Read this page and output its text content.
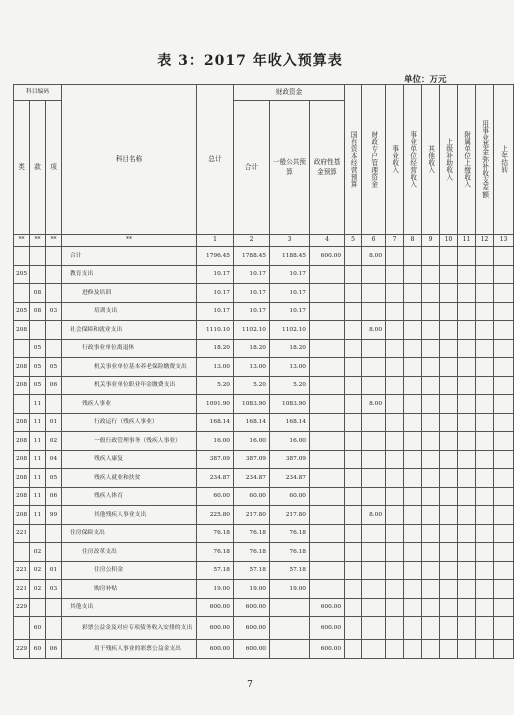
表 3：2017 年收入预算表
单位：万元
科目编码			科目名称	总计	财政资金			国有资本经营预算	财政专户管理资金	事业收入	事业单位经营收入	其他收入	上级补助收入	附属单位上缴收入	用事业基金弥补收支差额	上年结转

类	款	项			合计	一般公共预算	政府性基金预算									
**	**	**	**	1	2	3	4	5	6	7	8	9	10	11	12	13
			合计	1796.45	1788.45	1188.45	600.00		8.00							
205			教育支出	10.17	10.17	10.17										
	08		进修及培训	10.17	10.17	10.17										
205	08	03	培训支出	10.17	10.17	10.17										
208			社会保障和就业支出	1110.10	1102.10	1102.10			8.00							
	05		行政事业单位离退休	18.20	18.20	18.20										
208	05	05	机关事业单位基本养老保险缴费支出	13.00	13.00	13.00										
208	05	06	机关事业单位职业年金缴费支出	5.20	5.20	5.20										
	11		残疾人事业	1091.90	1083.90	1083.90			8.00							
208	11	01	行政运行（残疾人事业）	168.14	168.14	168.14										
208	11	02	一般行政管理事务（残疾人事业）	16.00	16.00	16.00										
208	11	04	残疾人康复	387.09	387.09	387.09										
208	11	05	残疾人就业和扶贫	234.87	234.87	234.87										
208	11	06	残疾人体育	60.00	60.00	60.00										
208	11	99	其他残疾人事业支出	225.80	217.80	217.80			8.00							
221			住房保障支出	76.18	76.18	76.18										
	02		住房改革支出	76.18	76.18	76.18										
221	02	01	住房公积金	57.18	57.18	57.18										
221	02	03	购房补贴	19.00	19.00	19.00										
229			其他支出	600.00	600.00		600.00									
	60		彩票公益金及对应专项债务收入安排的支出	600.00	600.00		600.00									
229	60	06	用于残疾人事业的彩票公益金支出	600.00	600.00		600.00									
7
